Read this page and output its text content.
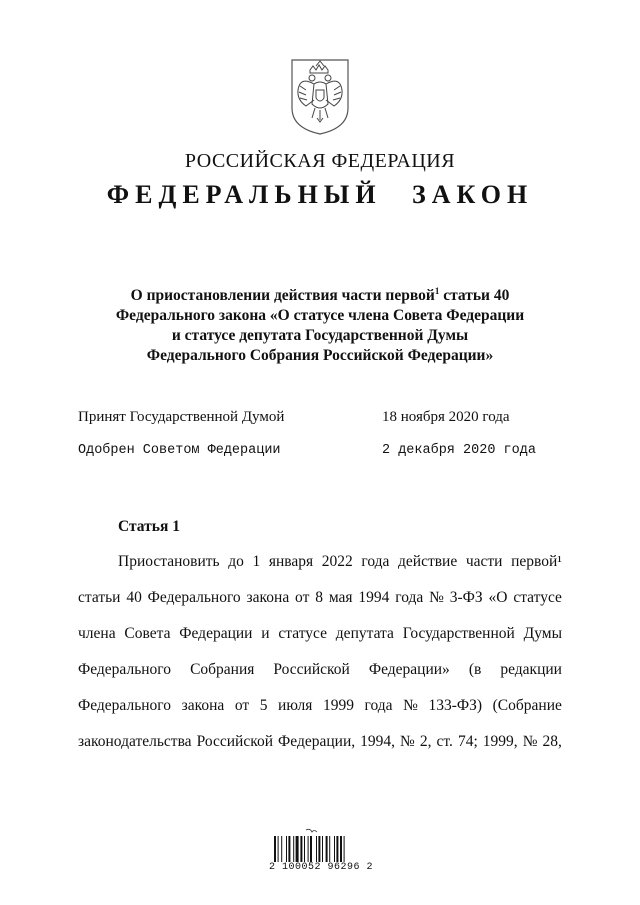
РОССИЙСКАЯ ФЕДЕРАЦИЯ
ФЕДЕРАЛЬНЫЙ ЗАКОН
О приостановлении действия части первой$^1$ статьи 40
Федерального закона «О статусе члена Совета Федерации
и статусе депутата Государственной Думы
Федерального Собрания Российской Федерации»
Принят Государственной Думой	18 ноября 2020 года
Одобрен Советом Федерации	2 декабря 2020 года
Статья 1
Приостановить до 1 января 2022 года действие части первой¹
статьи 40 Федерального закона от 8 мая 1994 года № 3-ФЗ «О статусе
члена Совета Федерации и статусе депутата Государственной Думы
Федерального Собрания Российской Федерации» (в редакции
Федерального закона от 5 июля 1999 года № 133-ФЗ) (Собрание
законодательства Российской Федерации, 1994, № 2, ст. 74; 1999, № 28,
2 100052 96296 2
